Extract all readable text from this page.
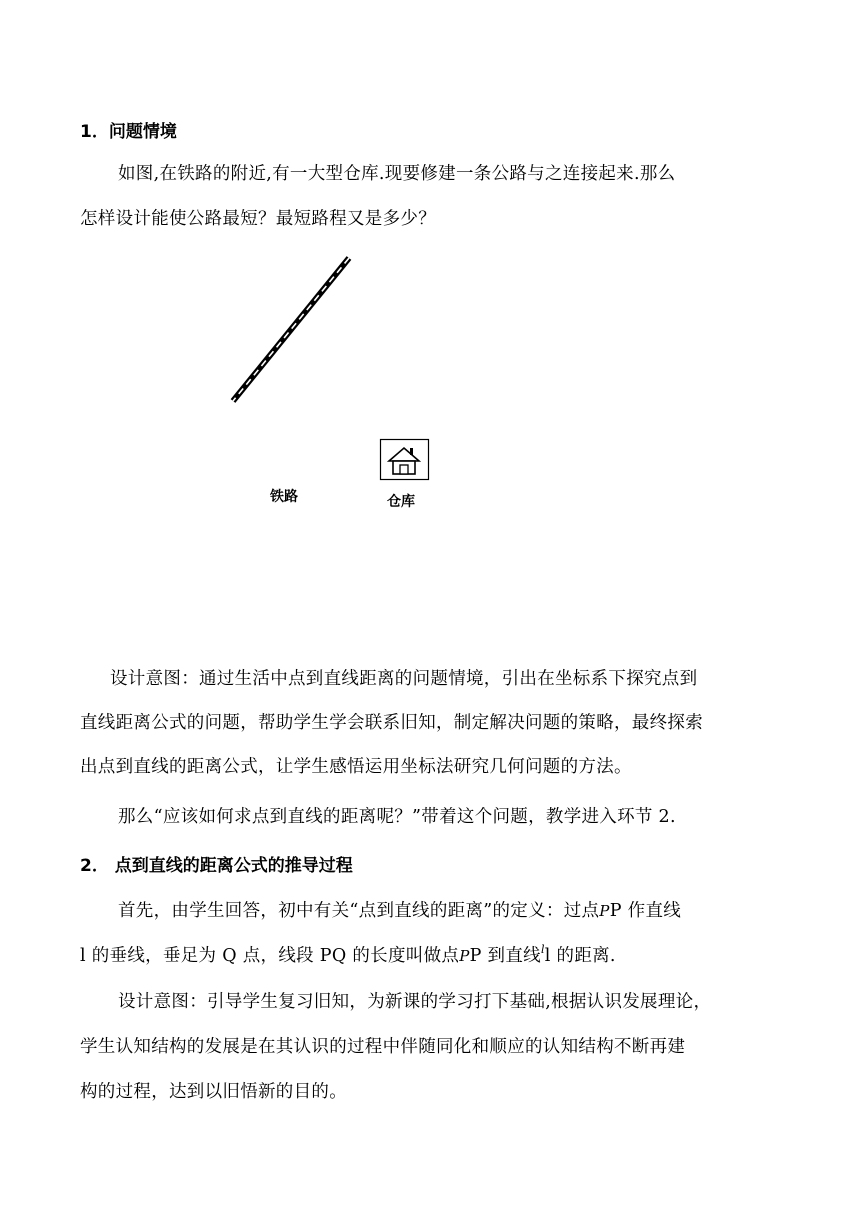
1．问题情境
如图,在铁路的附近,有一大型仓库.现要修建一条公路与之连接起来.那么
怎样设计能使公路最短？最短路程又是多少？
铁路	仓库
设计意图：通过生活中点到直线距离的问题情境，引出在坐标系下探究点到
直线距离公式的问题，帮助学生学会联系旧知，制定解决问题的策略，最终探索
出点到直线的距离公式，让学生感悟运用坐标法研究几何问题的方法。
那么“应该如何求点到直线的距离呢？”带着这个问题，教学进入环节 2.
2． 点到直线的距离公式的推导过程
首先，由学生回答，初中有关“点到直线的距离”的定义：过点PP 作直线
l 的垂线，垂足为 Q 点，线段 PQ 的长度叫做点PP 到直线$^l$l 的距离.
设计意图：引导学生复习旧知，为新课的学习打下基础,根据认识发展理论，
学生认知结构的发展是在其认识的过程中伴随同化和顺应的认知结构不断再建
构的过程，达到以旧悟新的目的。
